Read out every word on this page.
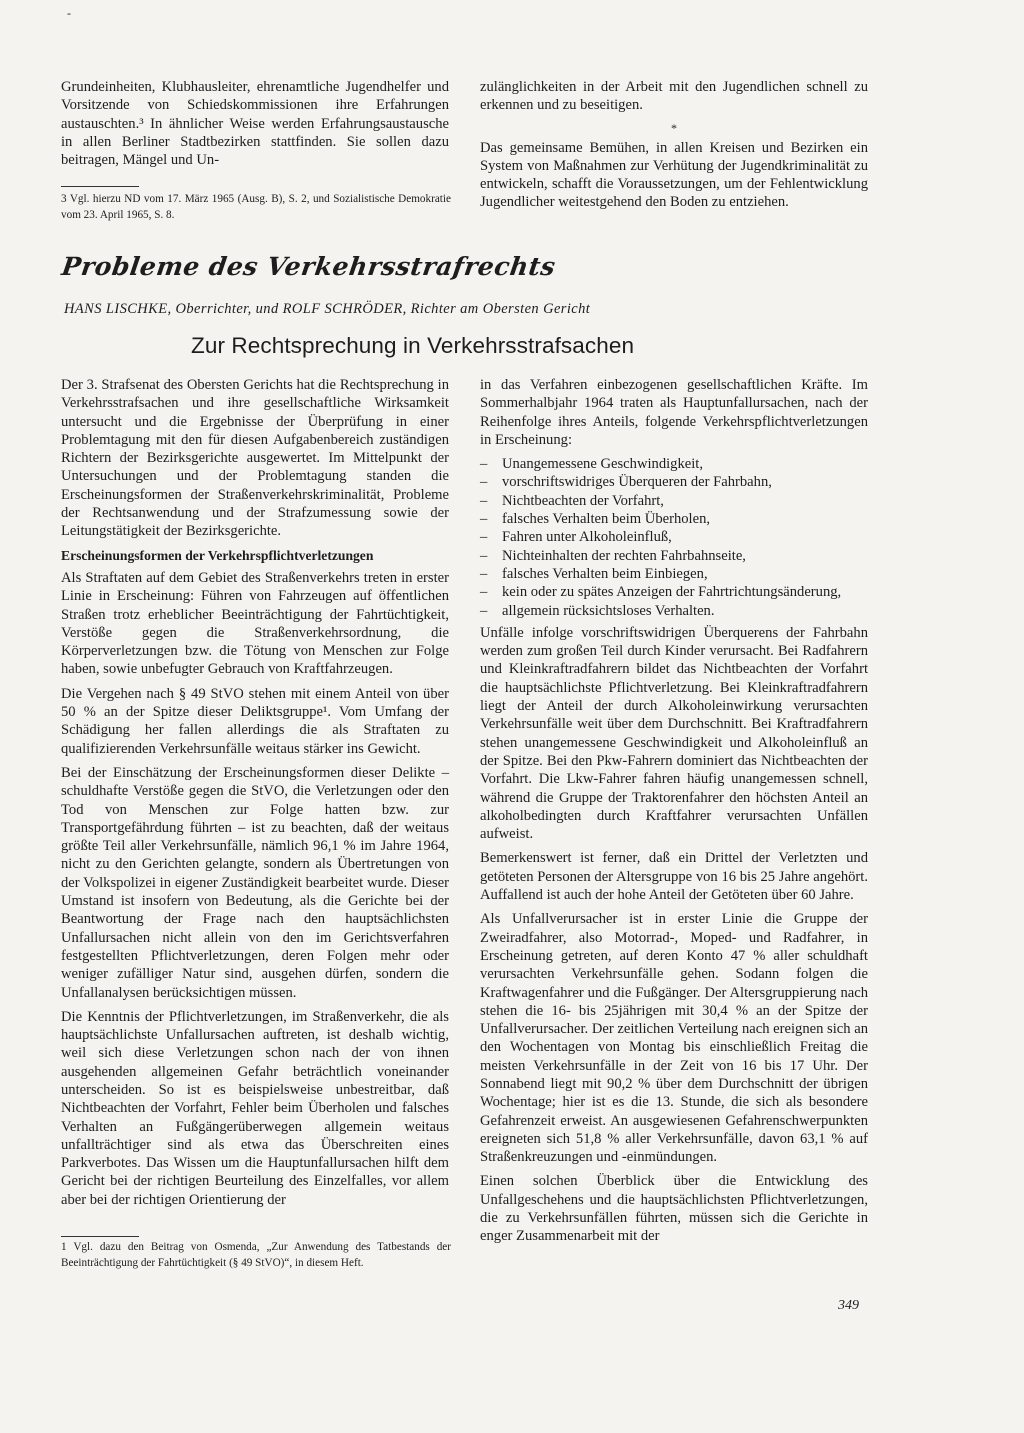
-

Grundeinheiten, Klubhausleiter, ehrenamtliche Jugendhelfer und Vorsitzende von Schiedskommissionen ihre Erfahrungen austauschten.³ In ähnlicher Weise werden Erfahrungsaustausche in allen Berliner Stadtbezirken stattfinden. Sie sollen dazu beitragen, Mängel und Un-

3 Vgl. hierzu ND vom 17. März 1965 (Ausg. B), S. 2, und Sozialistische Demokratie vom 23. April 1965, S. 8.

zulänglichkeiten in der Arbeit mit den Jugendlichen schnell zu erkennen und zu beseitigen.

*

Das gemeinsame Bemühen, in allen Kreisen und Bezirken ein System von Maßnahmen zur Verhütung der Jugendkriminalität zu entwickeln, schafft die Voraussetzungen, um der Fehlentwicklung Jugendlicher weitestgehend den Boden zu entziehen.

Probleme des Verkehrsstrafrechts
HANS LISCHKE, Oberrichter, und ROLF SCHRÖDER, Richter am Obersten Gericht
Zur Rechtsprechung in Verkehrsstrafsachen

Der 3. Strafsenat des Obersten Gerichts hat die Rechtsprechung in Verkehrsstrafsachen und ihre gesellschaftliche Wirksamkeit untersucht und die Ergebnisse der Überprüfung in einer Problemtagung mit den für diesen Aufgabenbereich zuständigen Richtern der Bezirksgerichte ausgewertet. Im Mittelpunkt der Untersuchungen und der Problemtagung standen die Erscheinungsformen der Straßenverkehrskriminalität, Probleme der Rechtsanwendung und der Strafzumessung sowie der Leitungstätigkeit der Bezirksgerichte.

Erscheinungsformen der Verkehrspflichtverletzungen

Als Straftaten auf dem Gebiet des Straßenverkehrs treten in erster Linie in Erscheinung: Führen von Fahrzeugen auf öffentlichen Straßen trotz erheblicher Beeinträchtigung der Fahrtüchtigkeit, Verstöße gegen die Straßenverkehrsordnung, die Körperverletzungen bzw. die Tötung von Menschen zur Folge haben, sowie unbefugter Gebrauch von Kraftfahrzeugen.

Die Vergehen nach § 49 StVO stehen mit einem Anteil von über 50 % an der Spitze dieser Deliktsgruppe¹. Vom Umfang der Schädigung her fallen allerdings die als Straftaten zu qualifizierenden Verkehrsunfälle weitaus stärker ins Gewicht.

Bei der Einschätzung der Erscheinungsformen dieser Delikte – schuldhafte Verstöße gegen die StVO, die Verletzungen oder den Tod von Menschen zur Folge hatten bzw. zur Transportgefährdung führten – ist zu beachten, daß der weitaus größte Teil aller Verkehrsunfälle, nämlich 96,1 % im Jahre 1964, nicht zu den Gerichten gelangte, sondern als Übertretungen von der Volkspolizei in eigener Zuständigkeit bearbeitet wurde. Dieser Umstand ist insofern von Bedeutung, als die Gerichte bei der Beantwortung der Frage nach den hauptsächlichsten Unfallursachen nicht allein von den im Gerichtsverfahren festgestellten Pflichtverletzungen, deren Folgen mehr oder weniger zufälliger Natur sind, ausgehen dürfen, sondern die Unfallanalysen berücksichtigen müssen.

Die Kenntnis der Pflichtverletzungen, im Straßenverkehr, die als hauptsächlichste Unfallursachen auftreten, ist deshalb wichtig, weil sich diese Verletzungen schon nach der von ihnen ausgehenden allgemeinen Gefahr beträchtlich voneinander unterscheiden. So ist es beispielsweise unbestreitbar, daß Nichtbeachten der Vorfahrt, Fehler beim Überholen und falsches Verhalten an Fußgängerüberwegen allgemein weitaus unfallträchtiger sind als etwa das Überschreiten eines Parkverbotes. Das Wissen um die Hauptunfallursachen hilft dem Gericht bei der richtigen Beurteilung des Einzelfalles, vor allem aber bei der richtigen Orientierung der

1 Vgl. dazu den Beitrag von Osmenda, „Zur Anwendung des Tatbestands der Beeinträchtigung der Fahrtüchtigkeit (§ 49 StVO)“, in diesem Heft.

in das Verfahren einbezogenen gesellschaftlichen Kräfte. Im Sommerhalbjahr 1964 traten als Hauptunfallursachen, nach der Reihenfolge ihres Anteils, folgende Verkehrspflichtverletzungen in Erscheinung:

– Unangemessene Geschwindigkeit,
– vorschriftswidriges Überqueren der Fahrbahn,
– Nichtbeachten der Vorfahrt,
– falsches Verhalten beim Überholen,
– Fahren unter Alkoholeinfluß,
– Nichteinhalten der rechten Fahrbahnseite,
– falsches Verhalten beim Einbiegen,
– kein oder zu spätes Anzeigen der Fahrtrichtungsänderung,
– allgemein rücksichtsloses Verhalten.

Unfälle infolge vorschriftswidrigen Überquerens der Fahrbahn werden zum großen Teil durch Kinder verursacht. Bei Radfahrern und Kleinkraftradfahrern bildet das Nichtbeachten der Vorfahrt die hauptsächlichste Pflichtverletzung. Bei Kleinkraftradfahrern liegt der Anteil der durch Alkoholeinwirkung verursachten Verkehrsunfälle weit über dem Durchschnitt. Bei Kraftradfahrern stehen unangemessene Geschwindigkeit und Alkoholeinfluß an der Spitze. Bei den Pkw-Fahrern dominiert das Nichtbeachten der Vorfahrt. Die Lkw-Fahrer fahren häufig unangemessen schnell, während die Gruppe der Traktorenfahrer den höchsten Anteil an alkoholbedingten durch Kraftfahrer verursachten Unfällen aufweist.

Bemerkenswert ist ferner, daß ein Drittel der Verletzten und getöteten Personen der Altersgruppe von 16 bis 25 Jahre angehört. Auffallend ist auch der hohe Anteil der Getöteten über 60 Jahre.

Als Unfallverursacher ist in erster Linie die Gruppe der Zweiradfahrer, also Motorrad-, Moped- und Radfahrer, in Erscheinung getreten, auf deren Konto 47 % aller schuldhaft verursachten Verkehrsunfälle gehen. Sodann folgen die Kraftwagenfahrer und die Fußgänger. Der Altersgruppierung nach stehen die 16- bis 25jährigen mit 30,4 % an der Spitze der Unfallverursacher. Der zeitlichen Verteilung nach ereignen sich an den Wochentagen von Montag bis einschließlich Freitag die meisten Verkehrsunfälle in der Zeit von 16 bis 17 Uhr. Der Sonnabend liegt mit 90,2 % über dem Durchschnitt der übrigen Wochentage; hier ist es die 13. Stunde, die sich als besondere Gefahrenzeit erweist. An ausgewiesenen Gefahrenschwerpunkten ereigneten sich 51,8 % aller Verkehrsunfälle, davon 63,1 % auf Straßenkreuzungen und -einmündungen.

Einen solchen Überblick über die Entwicklung des Unfallgeschehens und die hauptsächlichsten Pflichtverletzungen, die zu Verkehrsunfällen führten, müssen sich die Gerichte in enger Zusammenarbeit mit der

349
